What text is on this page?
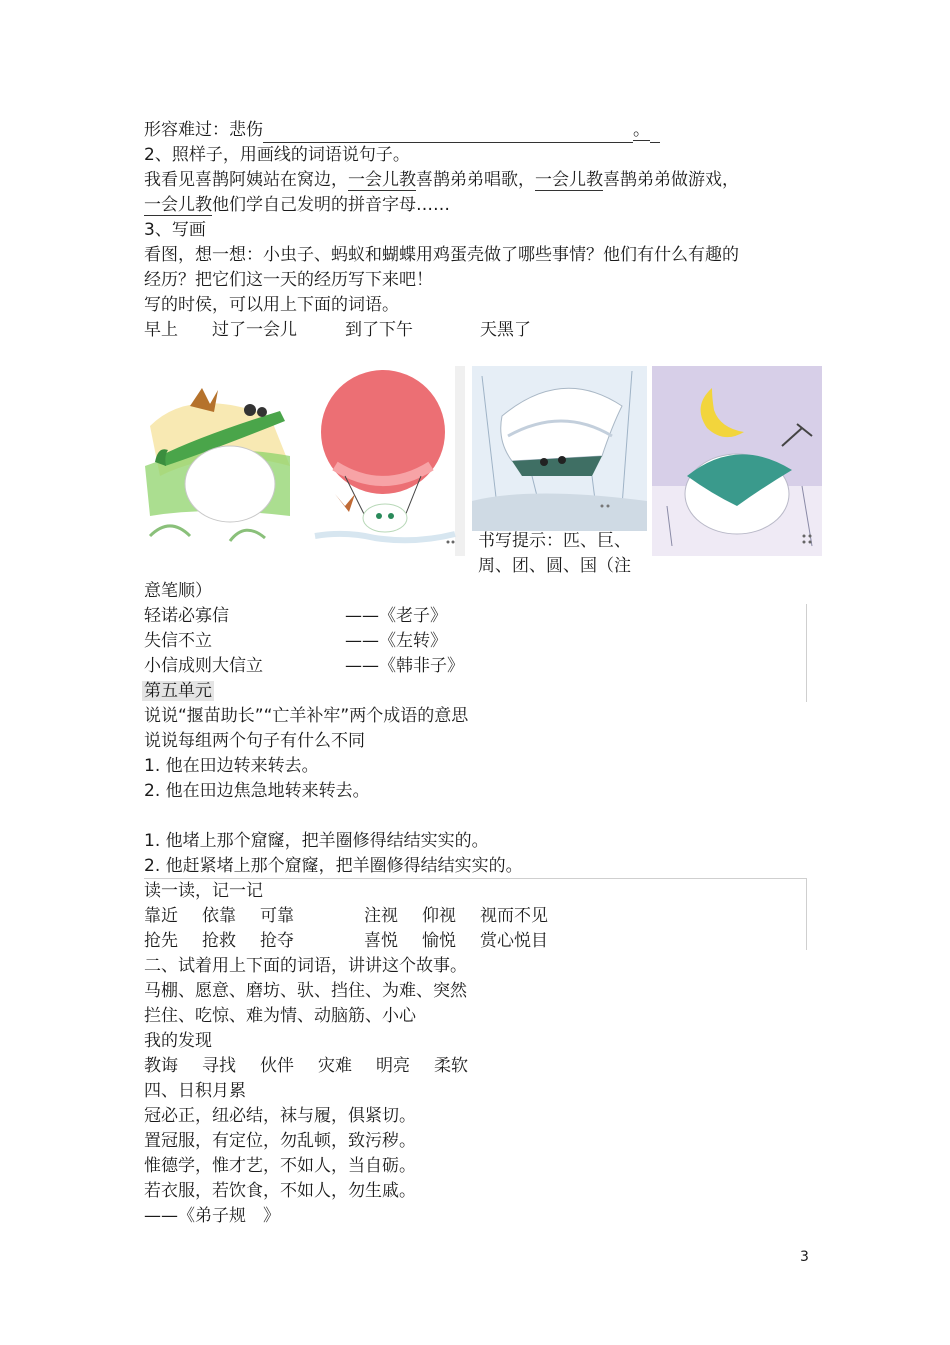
形容难过：悲伤	。
2、照样子，用画线的词语说句子。
我看见喜鹊阿姨站在窝边，一会儿教喜鹊弟弟唱歌，一会儿教喜鹊弟弟做游戏，
一会儿教他们学自己发明的拼音字母……
3、写画
看图，想一想：小虫子、蚂蚁和蝴蝶用鸡蛋壳做了哪些事情？他们有什么有趣的
经历？把它们这一天的经历写下来吧！
写的时侯，可以用上下面的词语。
早上 过了一会儿	到了下午	天黑了
书写提示：匹、巨、
周、团、圆、国（注
意笔顺）
轻诺必寡信	——《老子》
失信不立	——《左转》
小信成则大信立	——《韩非子》
第五单元
说说“揠苗助长”“亡羊补牢”两个成语的意思
说说每组两个句子有什么不同
1. 他在田边转来转去。
2. 他在田边焦急地转来转去。
1. 他堵上那个窟窿，把羊圈修得结结实实的。
2. 他赶紧堵上那个窟窿，把羊圈修得结结实实的。
读一读，记一记
靠近 依靠 可靠	注视 仰视 视而不见
抢先 抢救 抢夺	喜悦 愉悦 赏心悦目
二、试着用上下面的词语，讲讲这个故事。
马棚、愿意、磨坊、驮、挡住、为难、突然
拦住、吃惊、难为情、动脑筋、小心
我的发现
教诲 寻找 伙伴 灾难 明亮 柔软
四、日积月累
冠必正，纽必结，袜与履，俱紧切。
置冠服，有定位，勿乱顿，致污秽。
惟德学，惟才艺，不如人，当自砺。
若衣服，若饮食，不如人，勿生戚。
——《弟子规　》
3
